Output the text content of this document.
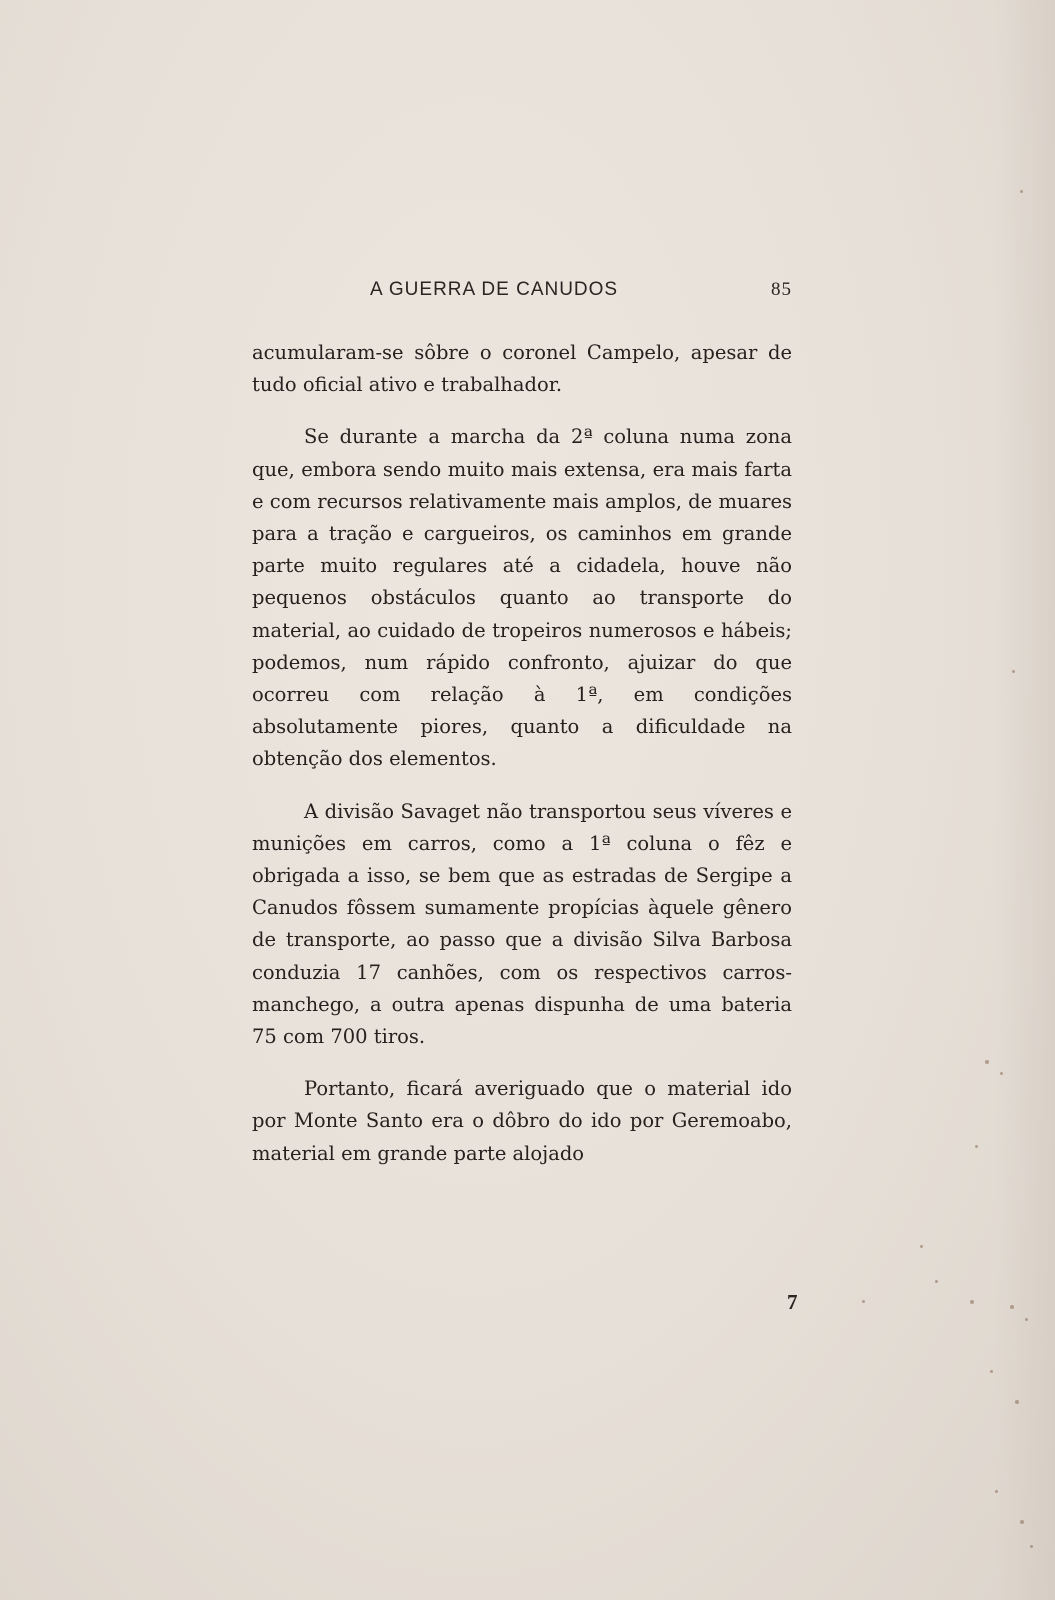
A GUERRA DE CANUDOS	85

acumularam-se sôbre o coronel Campelo, apesar de tudo oficial ativo e trabalhador.

Se durante a marcha da 2ª coluna numa zona que, embora sendo muito mais extensa, era mais farta e com recursos relativamente mais amplos, de muares para a tração e cargueiros, os caminhos em grande parte muito regulares até a cidadela, houve não pequenos obstáculos quanto ao transporte do material, ao cuidado de tropeiros numerosos e hábeis; podemos, num rápido confronto, ajuizar do que ocorreu com relação à 1ª, em condições absolutamente piores, quanto a dificuldade na obtenção dos elementos.

A divisão Savaget não transportou seus víveres e munições em carros, como a 1ª coluna o fêz e obrigada a isso, se bem que as estradas de Sergipe a Canudos fôssem sumamente propícias àquele gênero de transporte, ao passo que a divisão Silva Barbosa conduzia 17 canhões, com os respectivos carros-manchego, a outra apenas dispunha de uma bateria 75 com 700 tiros.

Portanto, ficará averiguado que o material ido por Monte Santo era o dôbro do ido por Geremoabo, material em grande parte alojado

7
